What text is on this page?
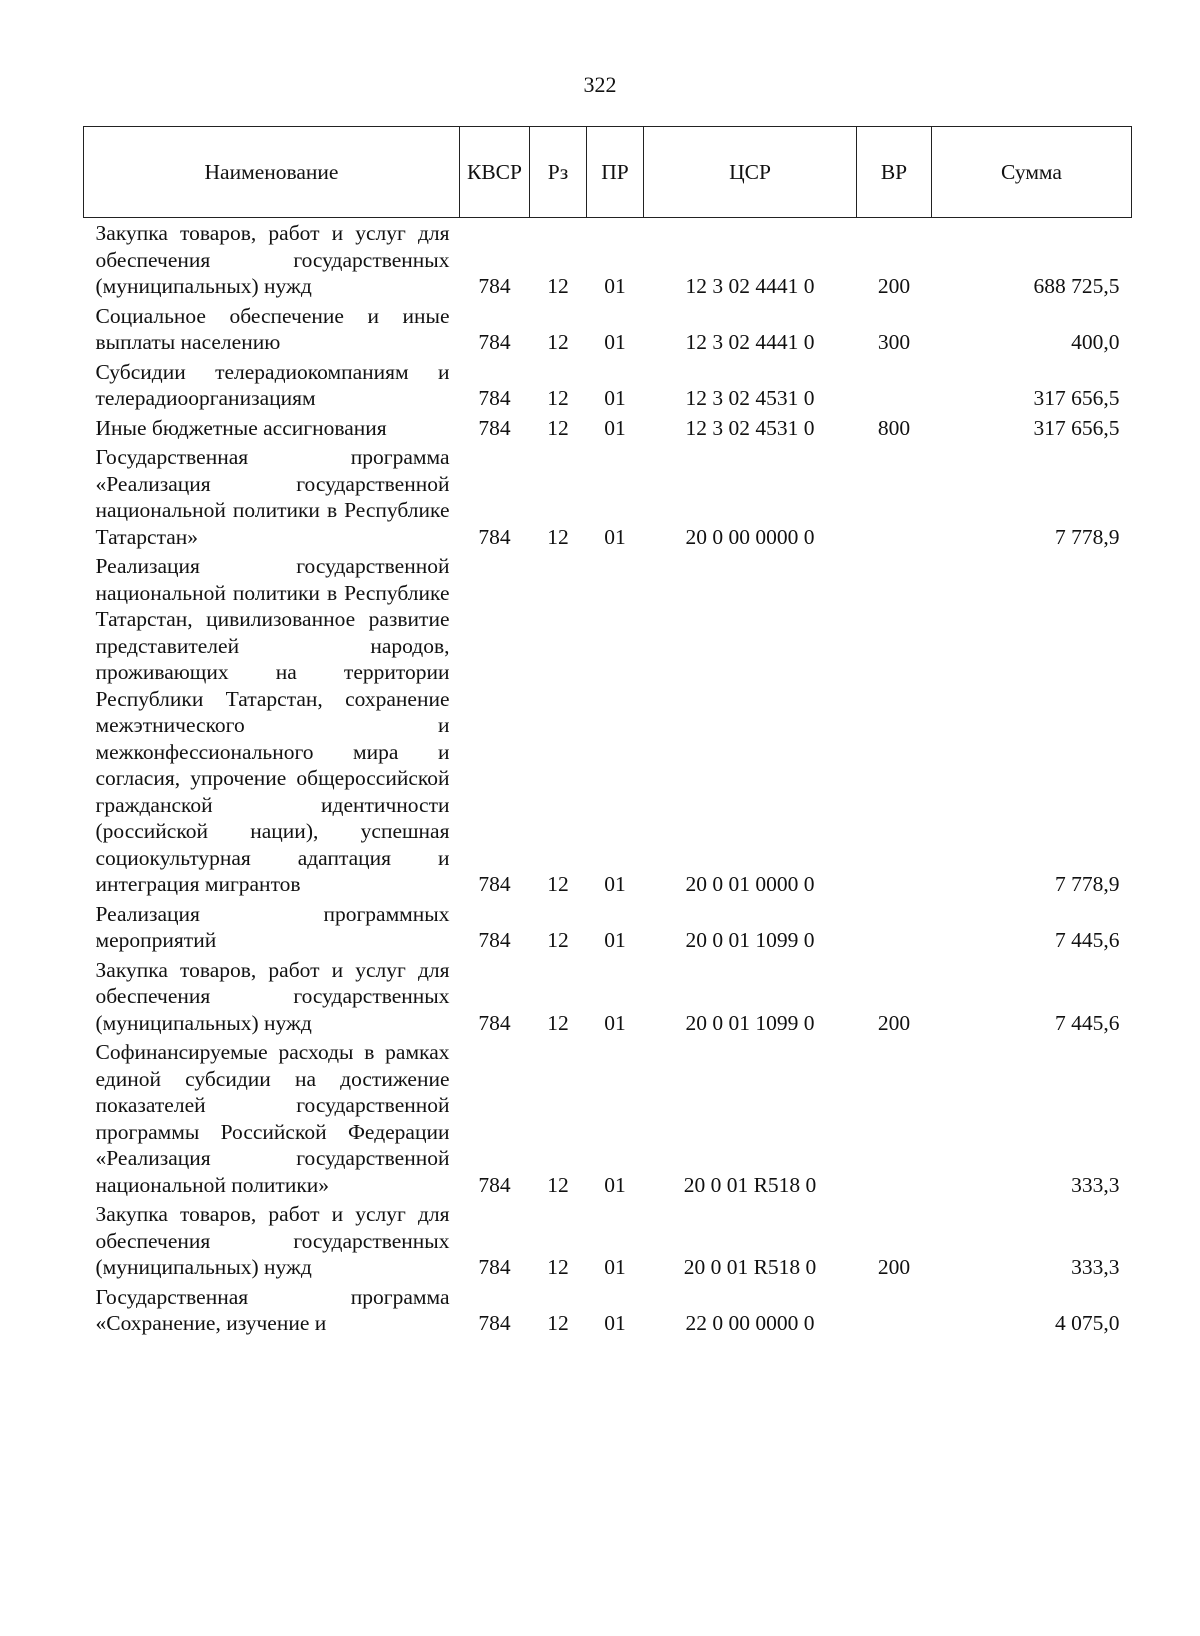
322
Наименование	КВСР	Рз	ПР	ЦСР	ВР	Сумма
Закупка товаров, работ и услуг для обеспечения государственных (муниципальных) нужд	784	12	01	12 3 02 4441 0	200	688 725,5
Социальное обеспечение и иные выплаты населению	784	12	01	12 3 02 4441 0	300	400,0
Субсидии телерадиокомпаниям и телерадиоорганизациям	784	12	01	12 3 02 4531 0		317 656,5
Иные бюджетные ассигнования	784	12	01	12 3 02 4531 0	800	317 656,5
Государственная программа «Реализация государственной национальной политики в Республике Татарстан»	784	12	01	20 0 00 0000 0		7 778,9
Реализация государственной национальной политики в Республике Татарстан, цивилизованное развитие представителей народов, проживающих на территории Республики Татарстан, сохранение межэтнического и межконфессионального мира и согласия, упрочение общероссийской гражданской идентичности (российской нации), успешная социокультурная адаптация и интеграция мигрантов	784	12	01	20 0 01 0000 0		7 778,9
Реализация программных мероприятий	784	12	01	20 0 01 1099 0		7 445,6
Закупка товаров, работ и услуг для обеспечения государственных (муниципальных) нужд	784	12	01	20 0 01 1099 0	200	7 445,6
Софинансируемые расходы в рамках единой субсидии на достижение показателей государственной программы Российской Федерации «Реализация государственной национальной политики»	784	12	01	20 0 01 R518 0		333,3
Закупка товаров, работ и услуг для обеспечения государственных (муниципальных) нужд	784	12	01	20 0 01 R518 0	200	333,3
Государственная программа «Сохранение, изучение и	784	12	01	22 0 00 0000 0		4 075,0
